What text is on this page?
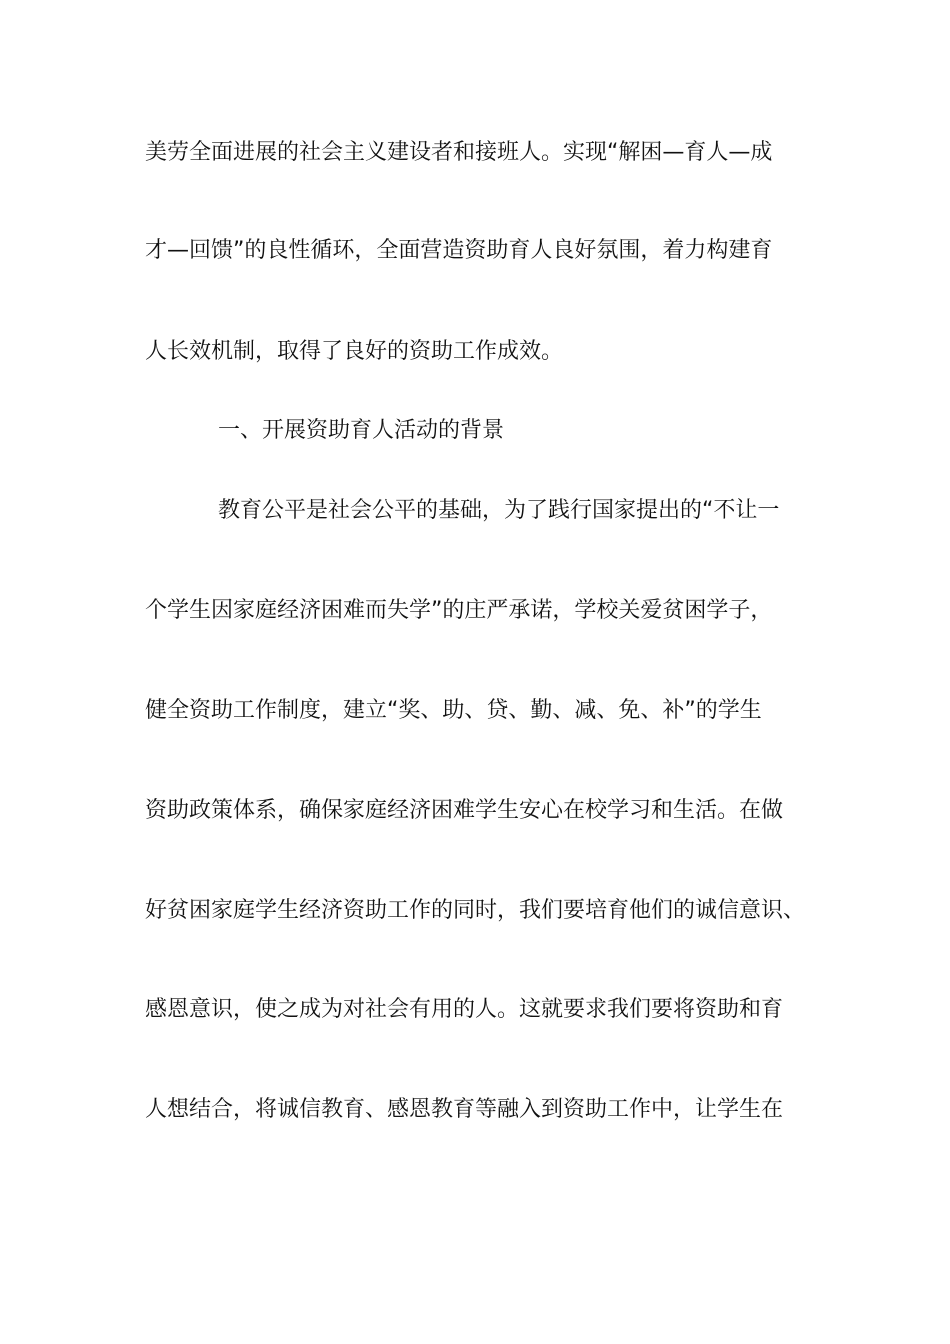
美劳全面进展的社会主义建设者和接班人。实现“解困—育人—成
才—回馈”的良性循环，全面营造资助育人良好氛围，着力构建育
人长效机制，取得了良好的资助工作成效。
一、开展资助育人活动的背景
教育公平是社会公平的基础，为了践行国家提出的“不让一
个学生因家庭经济困难而失学”的庄严承诺，学校关爱贫困学子，
健全资助工作制度，建立“奖、助、贷、勤、减、免、补”的学生
资助政策体系，确保家庭经济困难学生安心在校学习和生活。在做
好贫困家庭学生经济资助工作的同时，我们要培育他们的诚信意识、
感恩意识，使之成为对社会有用的人。这就要求我们要将资助和育
人想结合，将诚信教育、感恩教育等融入到资助工作中，让学生在
